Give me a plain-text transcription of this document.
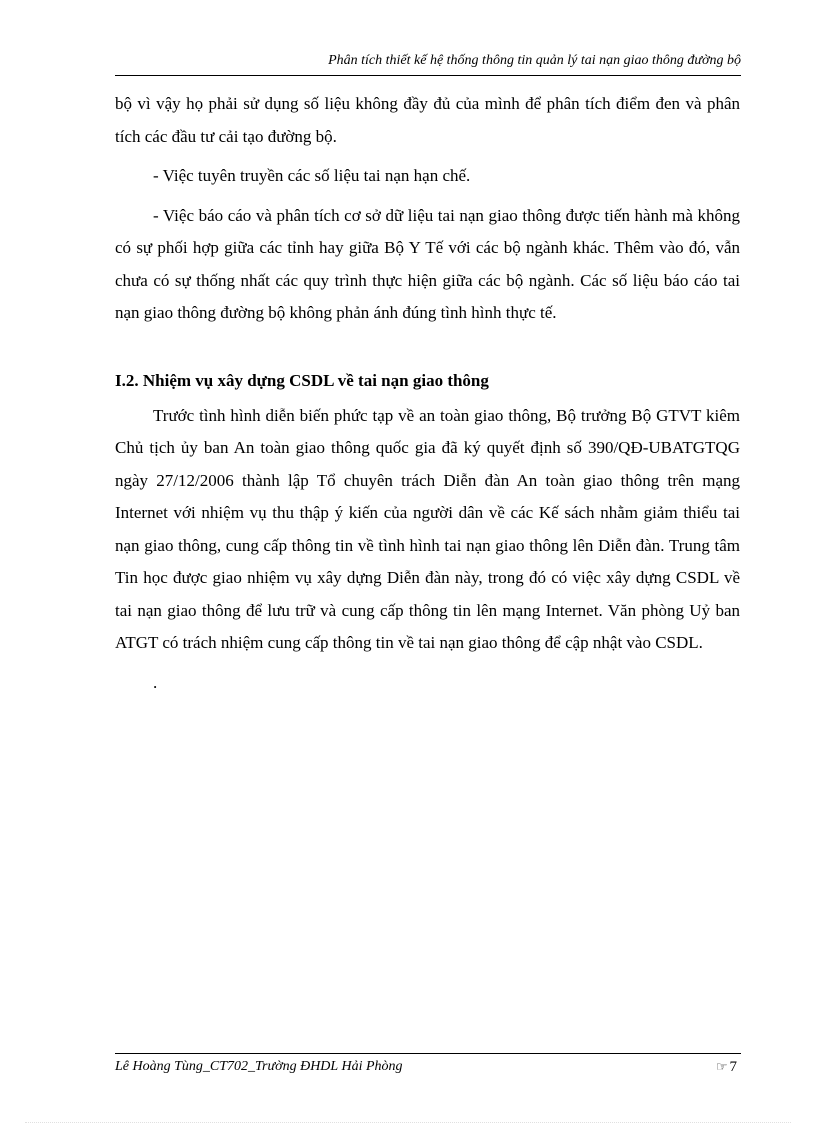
Phân tích thiết kế hệ thống thông tin quản lý tai nạn giao thông đường bộ

bộ vì vậy họ phải sử dụng số liệu không đầy đủ của mình để phân tích điểm đen và phân tích các đầu tư cải tạo đường bộ.

- Việc tuyên truyền các số liệu tai nạn hạn chế.

- Việc báo cáo và phân tích cơ sở dữ liệu tai nạn giao thông được tiến hành mà không có sự phối hợp giữa các tỉnh hay giữa Bộ Y Tế với các bộ ngành khác. Thêm vào đó, vẫn chưa có sự thống nhất các quy trình thực hiện giữa các bộ ngành. Các số liệu báo cáo tai nạn giao thông đường bộ không phản ánh đúng tình hình thực tế.

I.2. Nhiệm vụ xây dựng CSDL về tai nạn giao thông

Trước tình hình diễn biến phức tạp về an toàn giao thông, Bộ trưởng Bộ GTVT kiêm Chủ tịch ủy ban An toàn giao thông quốc gia đã ký quyết định số 390/QĐ-UBATGTQG ngày 27/12/2006 thành lập Tổ chuyên trách Diễn đàn An toàn giao thông trên mạng Internet với nhiệm vụ thu thập ý kiến của người dân về các Kế sách nhằm giảm thiểu tai nạn giao thông, cung cấp thông tin về tình hình tai nạn giao thông lên Diễn đàn. Trung tâm Tin học được giao nhiệm vụ xây dựng Diễn đàn này, trong đó có việc xây dựng CSDL về tai nạn giao thông để lưu trữ và cung cấp thông tin lên mạng Internet. Văn phòng Uỷ ban ATGT có trách nhiệm cung cấp thông tin về tai nạn giao thông để cập nhật vào CSDL.

.

Lê Hoàng Tùng_CT702_Trường ĐHDL Hải Phòng	☞ 7
